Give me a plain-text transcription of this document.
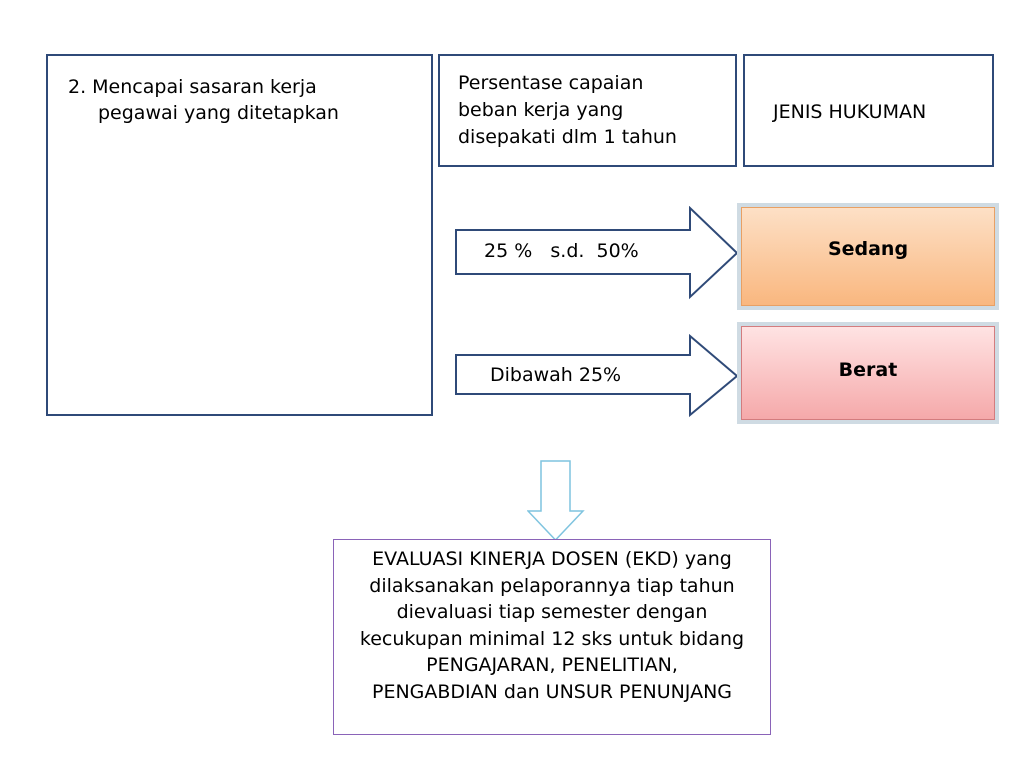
2. Mencapai sasaran kerja
pegawai yang ditetapkan
Persentase capaian
beban kerja yang
disepakati dlm 1 tahun
JENIS HUKUMAN
25 %   s.d.  50%
Dibawah 25%
Sedang
Berat
EVALUASI KINERJA DOSEN (EKD) yang
dilaksanakan pelaporannya tiap tahun
dievaluasi tiap semester dengan
kecukupan minimal 12 sks untuk bidang
PENGAJARAN, PENELITIAN,
PENGABDIAN dan UNSUR PENUNJANG
